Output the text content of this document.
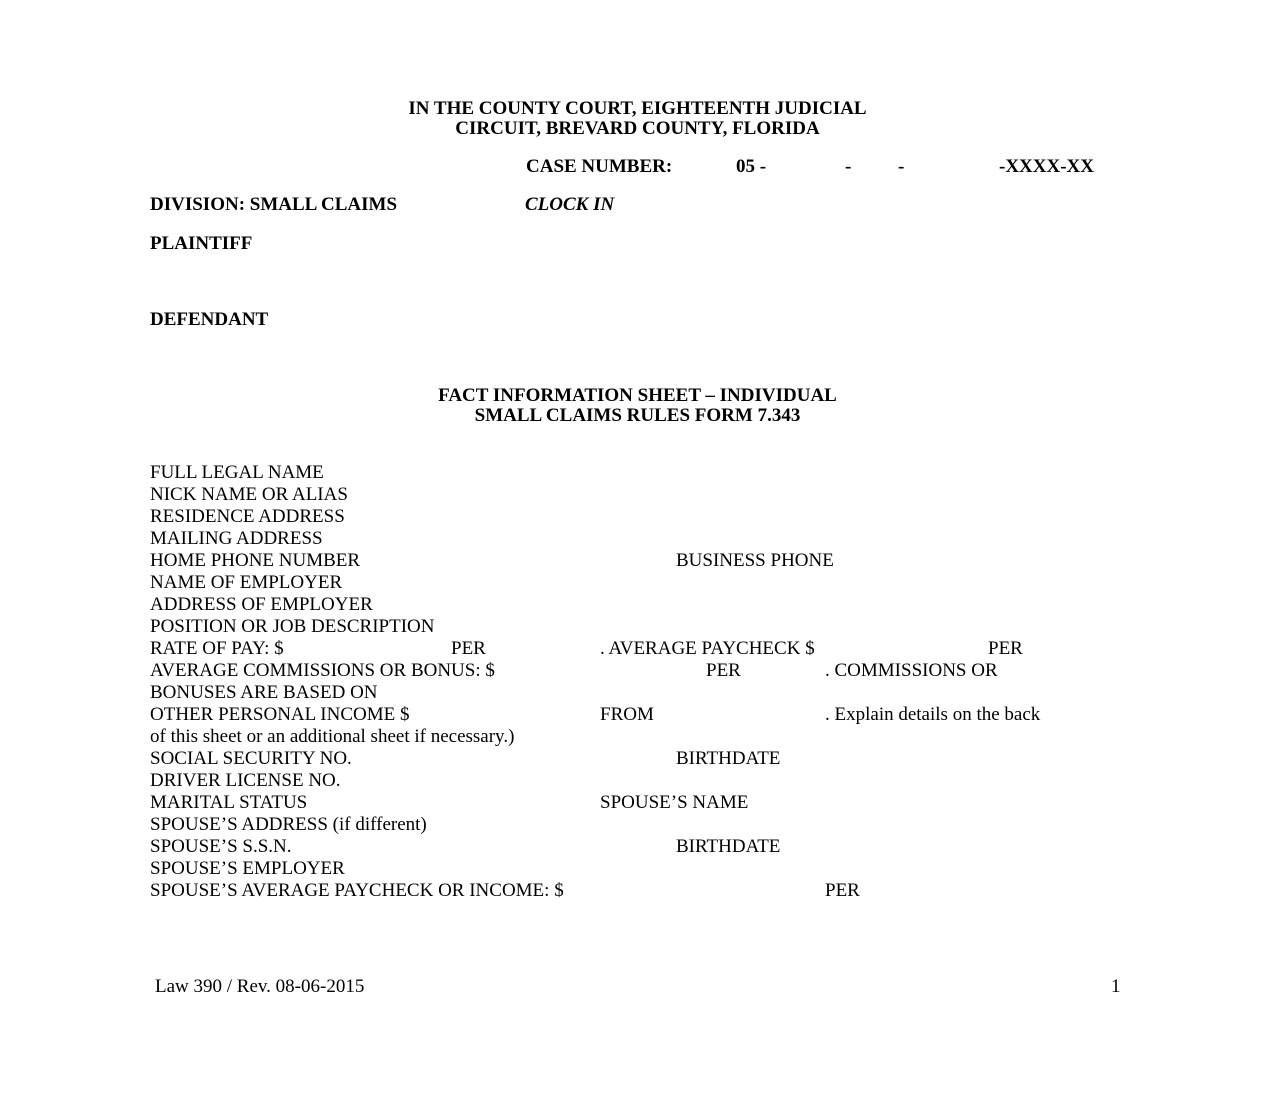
IN THE COUNTY COURT, EIGHTEENTH JUDICIAL
CIRCUIT, BREVARD COUNTY, FLORIDA
CASE NUMBER:	05 -	- -	-XXXX-XX
DIVISION: SMALL CLAIMS	CLOCK IN
PLAINTIFF
DEFENDANT
FACT INFORMATION SHEET – INDIVIDUAL
SMALL CLAIMS RULES FORM 7.343
FULL LEGAL NAME
NICK NAME OR ALIAS
RESIDENCE ADDRESS
MAILING ADDRESS
HOME PHONE NUMBER	BUSINESS PHONE
NAME OF EMPLOYER
ADDRESS OF EMPLOYER
POSITION OR JOB DESCRIPTION
RATE OF PAY: $	PER	. AVERAGE PAYCHECK $	PER
AVERAGE COMMISSIONS OR BONUS: $	PER	. COMMISSIONS OR
BONUSES ARE BASED ON
OTHER PERSONAL INCOME $	FROM	. Explain details on the back
of this sheet or an additional sheet if necessary.)
SOCIAL SECURITY NO.	BIRTHDATE
DRIVER LICENSE NO.
MARITAL STATUS	SPOUSE’S NAME
SPOUSE’S ADDRESS (if different)
SPOUSE’S S.S.N.	BIRTHDATE
SPOUSE’S EMPLOYER
SPOUSE’S AVERAGE PAYCHECK OR INCOME: $	PER
Law 390 / Rev. 08-06-2015	1
